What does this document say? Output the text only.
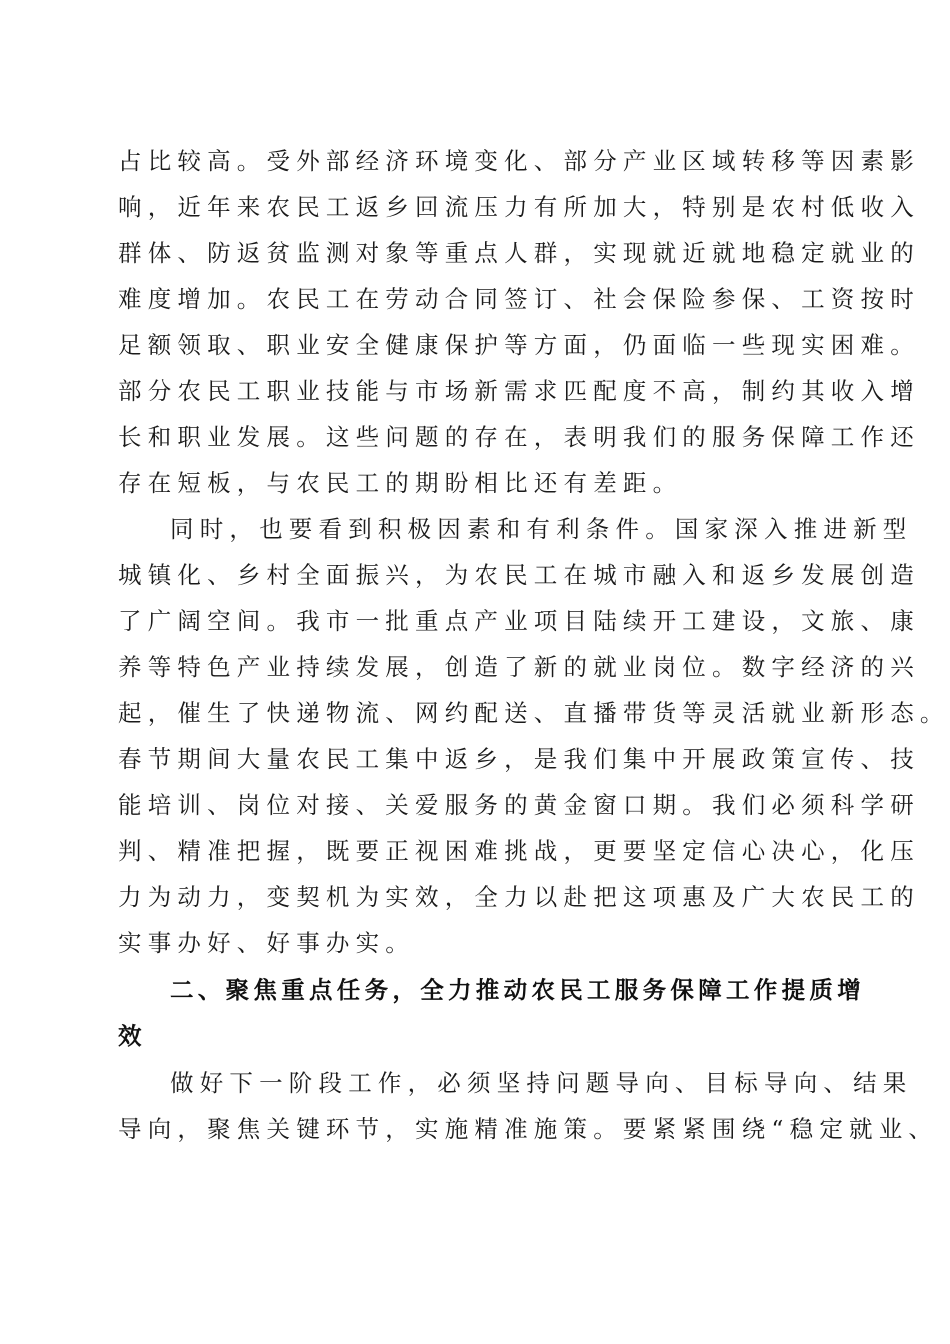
占比较高。受外部经济环境变化、部分产业区域转移等因素影
响，近年来农民工返乡回流压力有所加大，特别是农村低收入
群体、防返贫监测对象等重点人群，实现就近就地稳定就业的
难度增加。农民工在劳动合同签订、社会保险参保、工资按时
足额领取、职业安全健康保护等方面，仍面临一些现实困难。
部分农民工职业技能与市场新需求匹配度不高，制约其收入增
长和职业发展。这些问题的存在，表明我们的服务保障工作还
存在短板，与农民工的期盼相比还有差距。
同时，也要看到积极因素和有利条件。国家深入推进新型
城镇化、乡村全面振兴，为农民工在城市融入和返乡发展创造
了广阔空间。我市一批重点产业项目陆续开工建设，文旅、康
养等特色产业持续发展，创造了新的就业岗位。数字经济的兴
起，催生了快递物流、网约配送、直播带货等灵活就业新形态。
春节期间大量农民工集中返乡，是我们集中开展政策宣传、技
能培训、岗位对接、关爱服务的黄金窗口期。我们必须科学研
判、精准把握，既要正视困难挑战，更要坚定信心决心，化压
力为动力，变契机为实效，全力以赴把这项惠及广大农民工的
实事办好、好事办实。
二、聚焦重点任务，全力推动农民工服务保障工作提质增
效
做好下一阶段工作，必须坚持问题导向、目标导向、结果
导向，聚焦关键环节，实施精准施策。要紧紧围绕“稳定就业、
